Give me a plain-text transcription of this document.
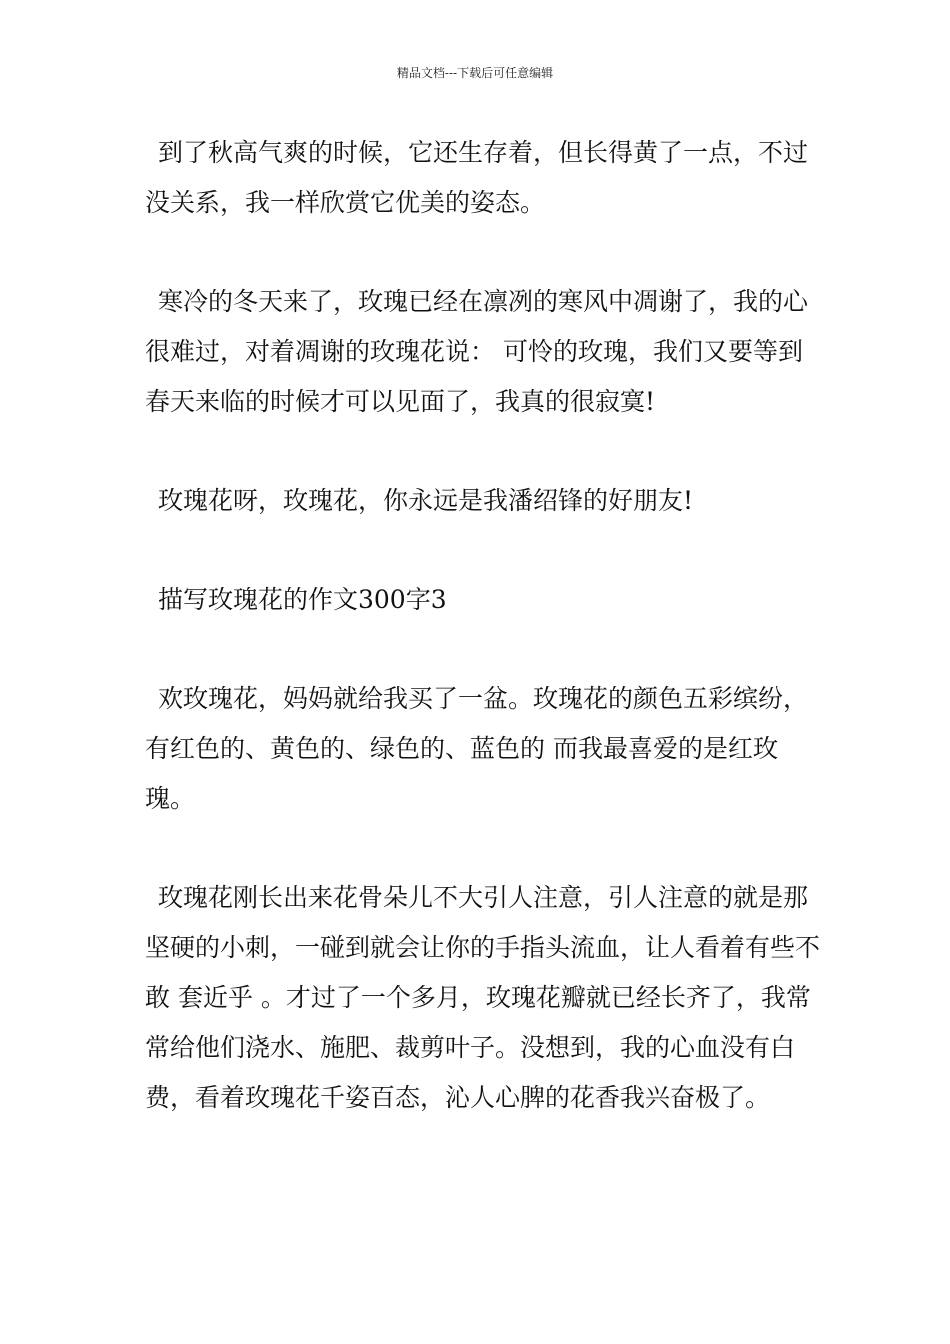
精品文档---下载后可任意编辑

到了秋高气爽的时候，它还生存着，但长得黄了一点，不过没关系，我一样欣赏它优美的姿态。

寒冷的冬天来了，玫瑰已经在凛冽的寒风中凋谢了，我的心很难过，对着凋谢的玫瑰花说： 可怜的玫瑰，我们又要等到春天来临的时候才可以见面了，我真的很寂寞!

玫瑰花呀，玫瑰花，你永远是我潘绍锋的好朋友!

描写玫瑰花的作文300字3

欢玫瑰花，妈妈就给我买了一盆。玫瑰花的颜色五彩缤纷，有红色的、黄色的、绿色的、蓝色的 而我最喜爱的是红玫瑰。

玫瑰花刚长出来花骨朵儿不大引人注意，引人注意的就是那坚硬的小刺，一碰到就会让你的手指头流血，让人看着有些不敢 套近乎 。才过了一个多月，玫瑰花瓣就已经长齐了，我常常给他们浇水、施肥、裁剪叶子。没想到，我的心血没有白费，看着玫瑰花千姿百态，沁人心脾的花香我兴奋极了。
